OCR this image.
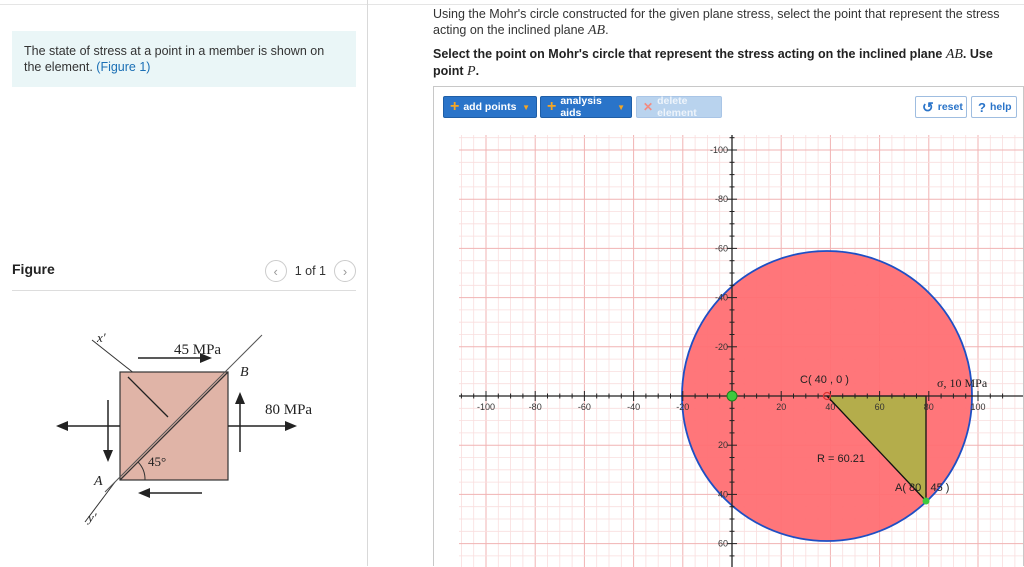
The state of stress at a point in a member is shown on the element. (Figure 1)
Figure	‹	1 of 1	›
45 MPa
80 MPa
45°
A
B
x′
y′
Using the Mohr's circle constructed for the given plane stress, select the point that represent the stress acting on the inclined plane AB.
Select the point on Mohr's circle that represent the stress acting on the inclined plane AB. Use point P.
+ add points ▼ + analysis aids	▼ ✕ delete element	↺ reset ? help
-100	-80	-60	-40	-20	20	40	60	80	100
-100
-80
-60
-40
-20
20
40
60
C( 40 , 0 )
R = 60.21
A( 80 , 45 )
σ, 10 MPa
